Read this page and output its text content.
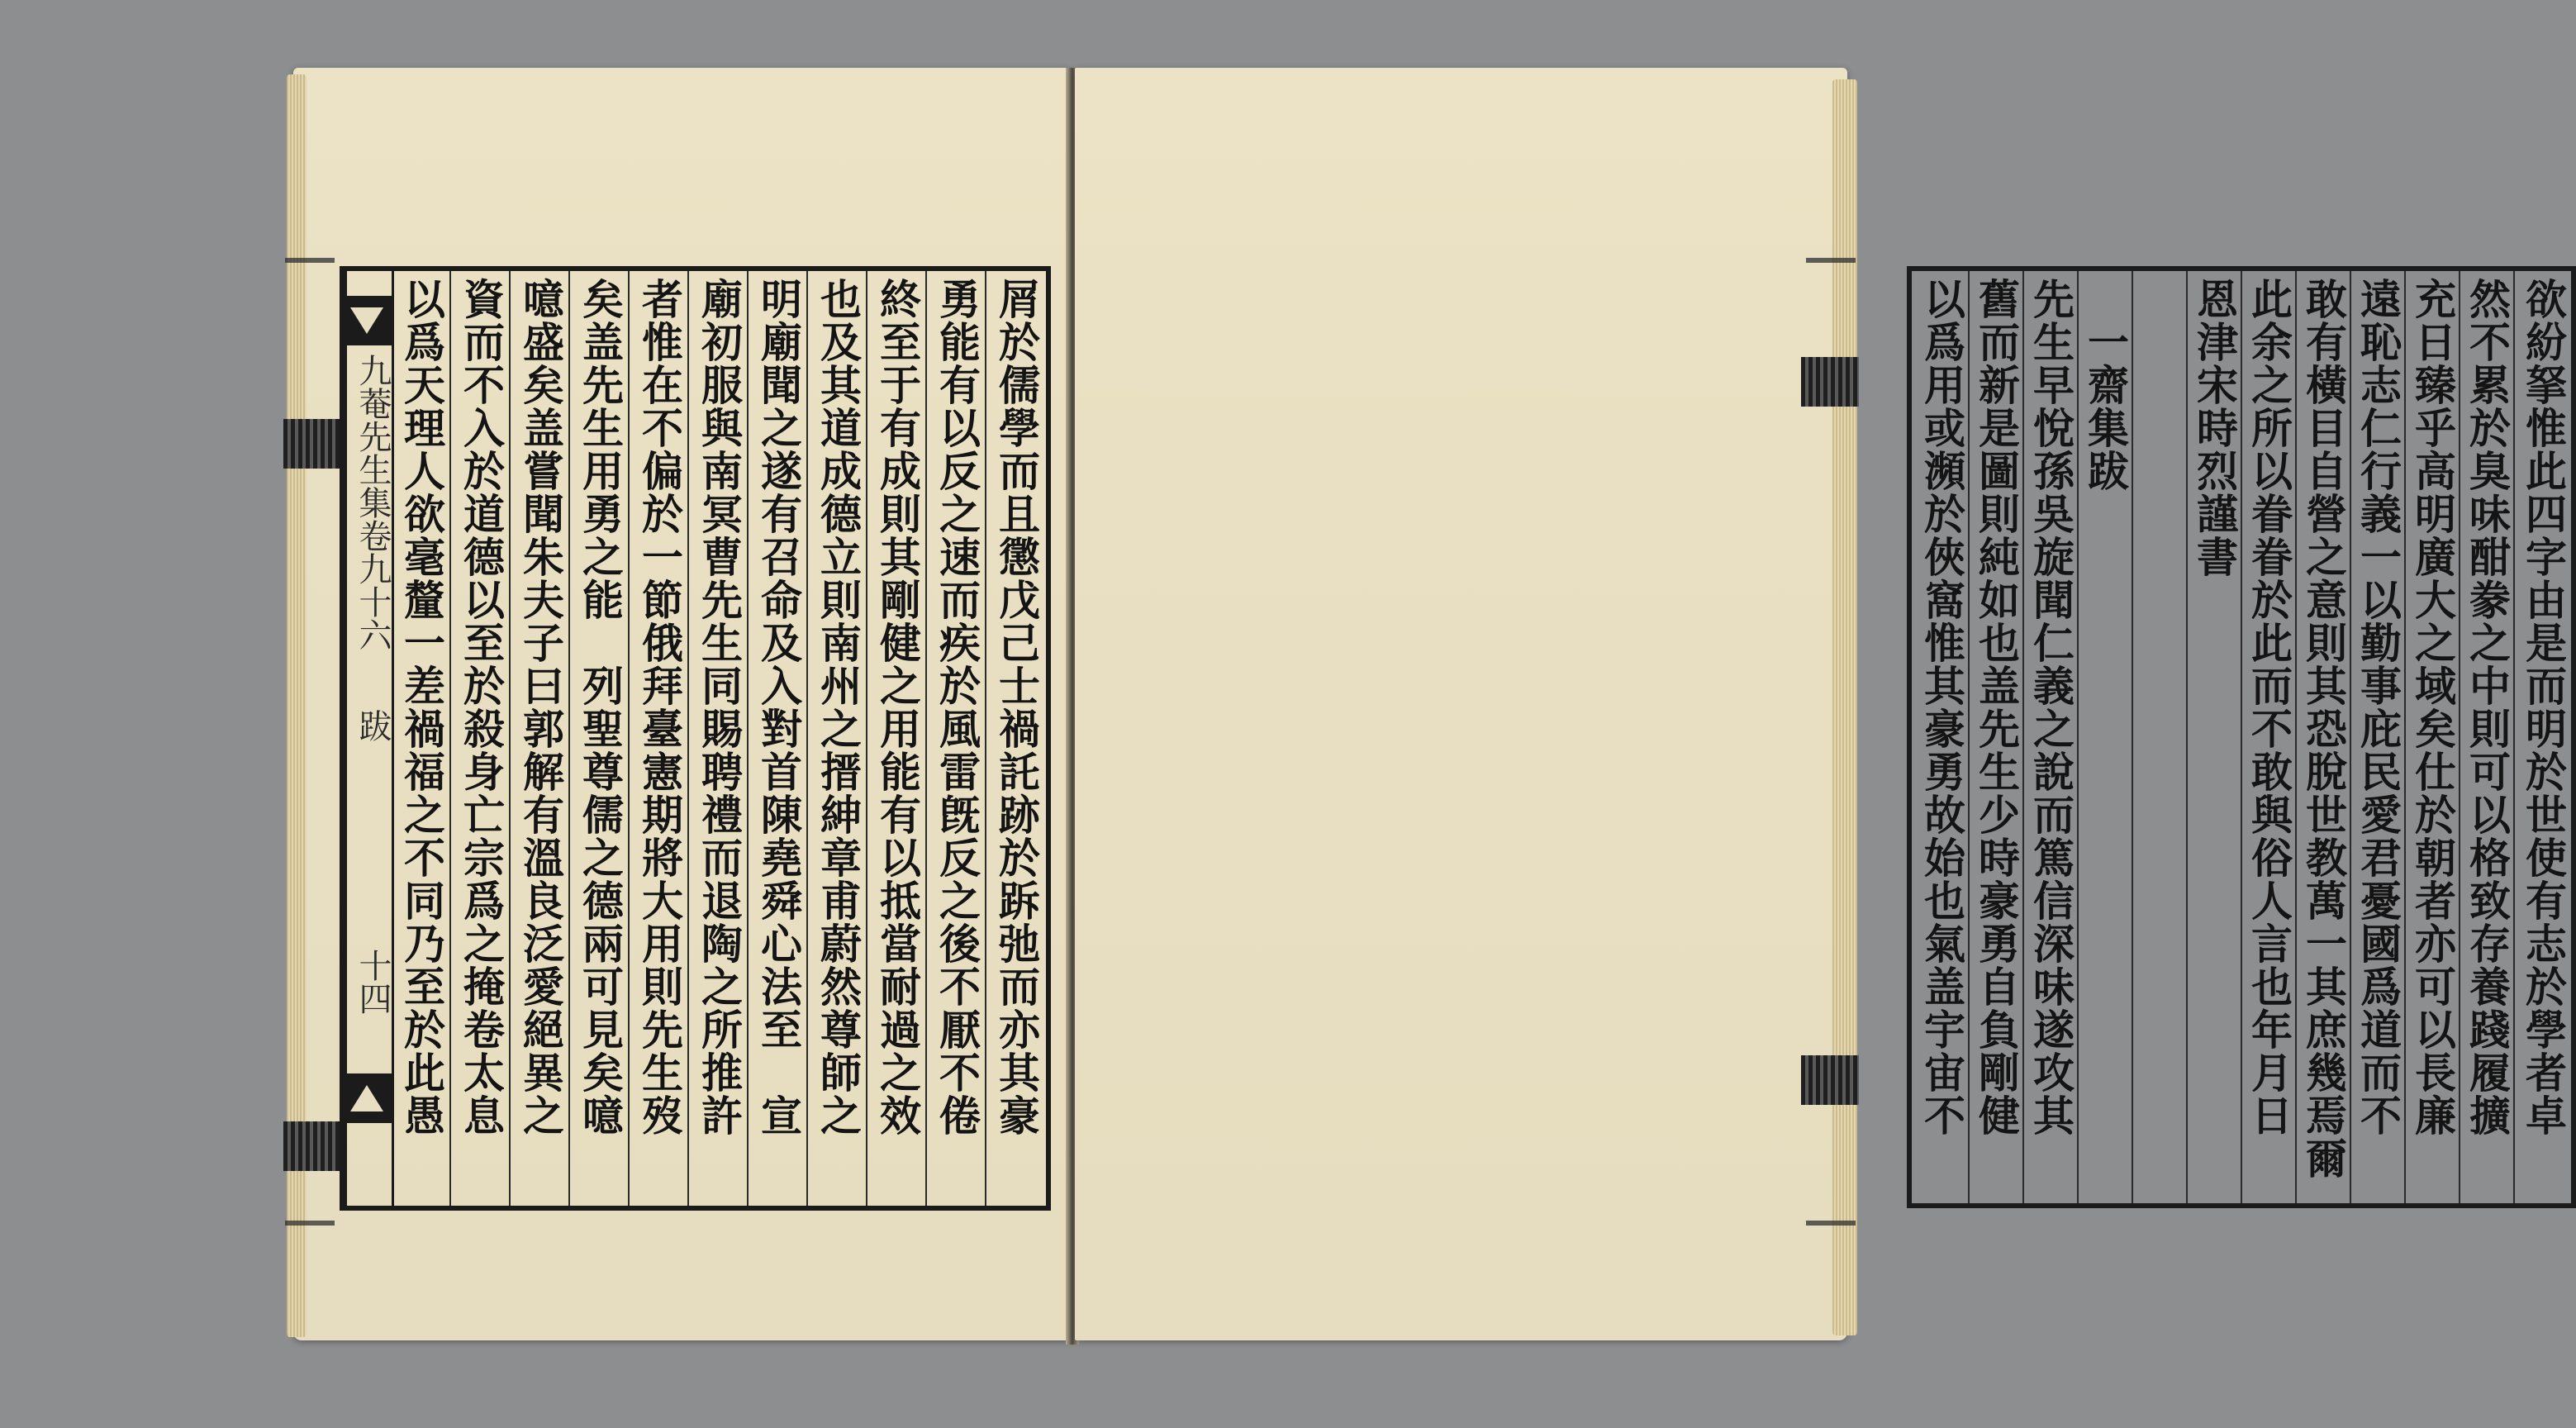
屑於儒學而且懲戊己士禍託跡於跅弛而亦其豪
勇能有以反之速而疾於風雷旣反之後不厭不倦
終至于有成則其剛健之用能有以抵當耐過之效
也及其道成德立則南州之搢紳章甫蔚然尊師之
明廟聞之遂有召命及入對首陳堯舜心法至　宣
廟初服與南冥曹先生同賜聘禮而退陶之所推許
者惟在不偏於一節俄拜臺憲期將大用則先生歿
矣盖先生用勇之能　列聖尊儒之德兩可見矣噫
噫盛矣盖嘗聞朱夫子曰郭解有溫良泛愛絕異之
資而不入於道德以至於殺身亡宗爲之掩卷太息
以爲天理人欲毫釐一差禍福之不同乃至於此愚
九菴先生集卷九十六
跋
十四	欲紛拏惟此四字由是而明於世使有志於學者卓
然不累於臭味酣豢之中則可以格致存養踐履擴
充日臻乎高明廣大之域矣仕於朝者亦可以長廉
遠恥志仁行義一以勤事庇民愛君憂國爲道而不
敢有橫目自營之意則其恐脫世教萬一其庶幾焉爾
此余之所以眷眷於此而不敢與俗人言也年月日
恩津宋時烈謹書
一齋集跋
先生早悅孫吳旋聞仁義之說而篤信深味遂攻其
舊而新是圖則純如也盖先生少時豪勇自負剛健
以爲用或瀕於俠窩惟其豪勇故始也氣盖宇宙不
